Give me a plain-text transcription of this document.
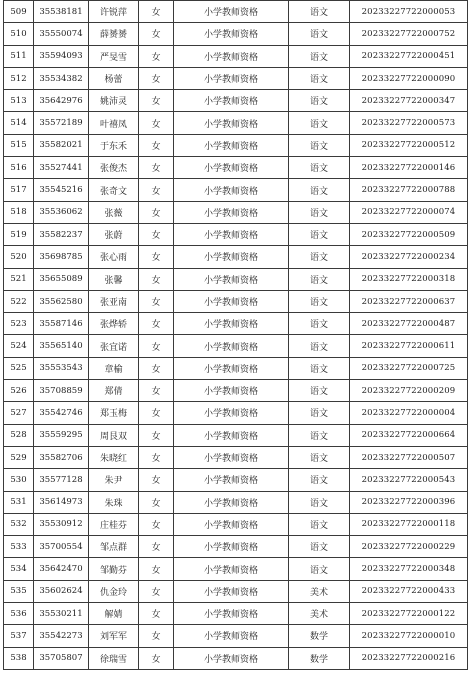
509	35538181	许锐萍	女	小学教师资格	语文	20233227722000053
510	35550074	薛赟赟	女	小学教师资格	语文	20233227722000752
511	35594093	严旻雪	女	小学教师资格	语文	20233227722000451
512	35534382	杨蕾	女	小学教师资格	语文	20233227722000090
513	35642976	姚沛灵	女	小学教师资格	语文	20233227722000347
514	35572189	叶禧凤	女	小学教师资格	语文	20233227722000573
515	35582021	于东禾	女	小学教师资格	语文	20233227722000512
516	35527441	张俊杰	女	小学教师资格	语文	20233227722000146
517	35545216	张奇文	女	小学教师资格	语文	20233227722000788
518	35536062	张薇	女	小学教师资格	语文	20233227722000074
519	35582237	张蔚	女	小学教师资格	语文	20233227722000509
520	35698785	张心雨	女	小学教师资格	语文	20233227722000234
521	35655089	张馨	女	小学教师资格	语文	20233227722000318
522	35562580	张亚南	女	小学教师资格	语文	20233227722000637
523	35587146	张烨轿	女	小学教师资格	语文	20233227722000487
524	35565140	张宜诺	女	小学教师资格	语文	20233227722000611
525	35553543	章榆	女	小学教师资格	语文	20233227722000725
526	35708859	郑倩	女	小学教师资格	语文	20233227722000209
527	35542746	郑玉梅	女	小学教师资格	语文	20233227722000004
528	35559295	周艮双	女	小学教师资格	语文	20233227722000664
529	35582706	朱晓红	女	小学教师资格	语文	20233227722000507
530	35577128	朱尹	女	小学教师资格	语文	20233227722000543
531	35614973	朱珠	女	小学教师资格	语文	20233227722000396
532	35530912	庄桂芬	女	小学教师资格	语文	20233227722000118
533	35700554	邹点群	女	小学教师资格	语文	20233227722000229
534	35642470	邹勤芬	女	小学教师资格	语文	20233227722000348
535	35602624	仇金玲	女	小学教师资格	美术	20233227722000433
536	35530211	解婧	女	小学教师资格	美术	20233227722000122
537	35542273	刘军军	女	小学教师资格	数学	20233227722000010
538	35705807	徐瑞雪	女	小学教师资格	数学	20233227722000216
